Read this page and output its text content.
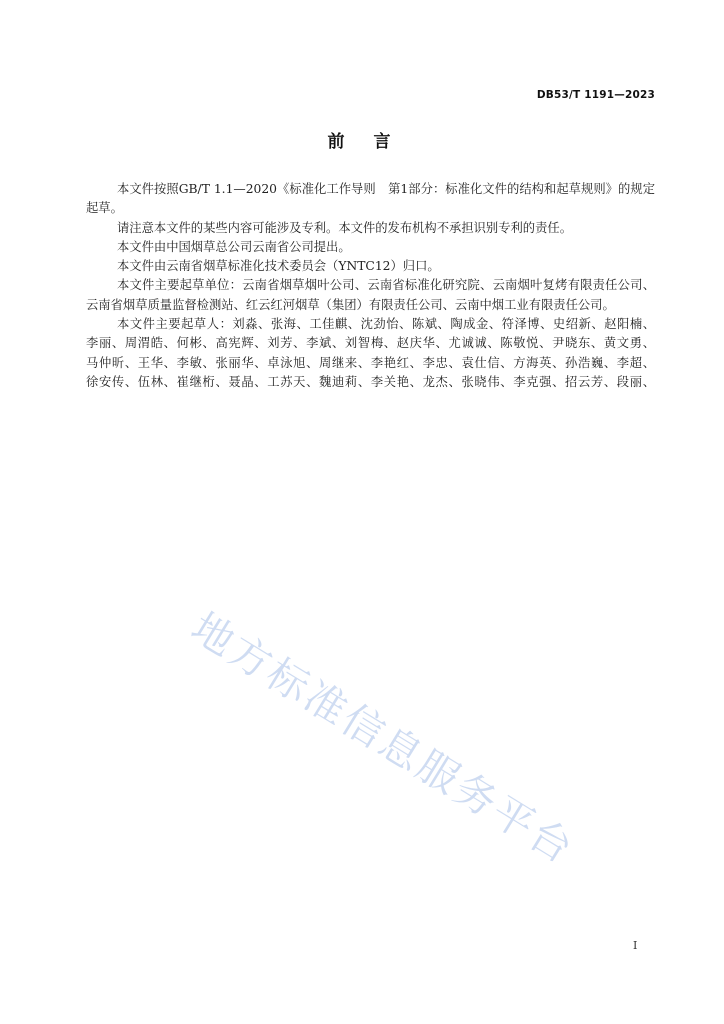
DB53/T 1191—2023
前　言
本文件按照GB/T 1.1—2020《标准化工作导则　第1部分：标准化文件的结构和起草规则》的规定
起草。
请注意本文件的某些内容可能涉及专利。本文件的发布机构不承担识别专利的责任。
本文件由中国烟草总公司云南省公司提出。
本文件由云南省烟草标准化技术委员会（YNTC12）归口。
本文件主要起草单位：云南省烟草烟叶公司、云南省标准化研究院、云南烟叶复烤有限责任公司、
云南省烟草质量监督检测站、红云红河烟草（集团）有限责任公司、云南中烟工业有限责任公司。
本文件主要起草人：刘淼、张海、工佳麒、沈劲怡、陈斌、陶成金、符泽博、史绍新、赵阳楠、
李丽、周渭皓、何彬、高宪辉、刘芳、李斌、刘智梅、赵庆华、尤诚诚、陈敬悦、尹晓东、黄文勇、
马仲昕、王华、李敏、张丽华、卓泳旭、周继来、李艳红、李忠、袁仕信、方海英、孙浩巍、李超、
徐安传、伍林、崔继桁、聂晶、工苏天、魏迪莉、李关艳、龙杰、张晓伟、李克强、招云芳、段丽、
地方标准信息服务平台
I
